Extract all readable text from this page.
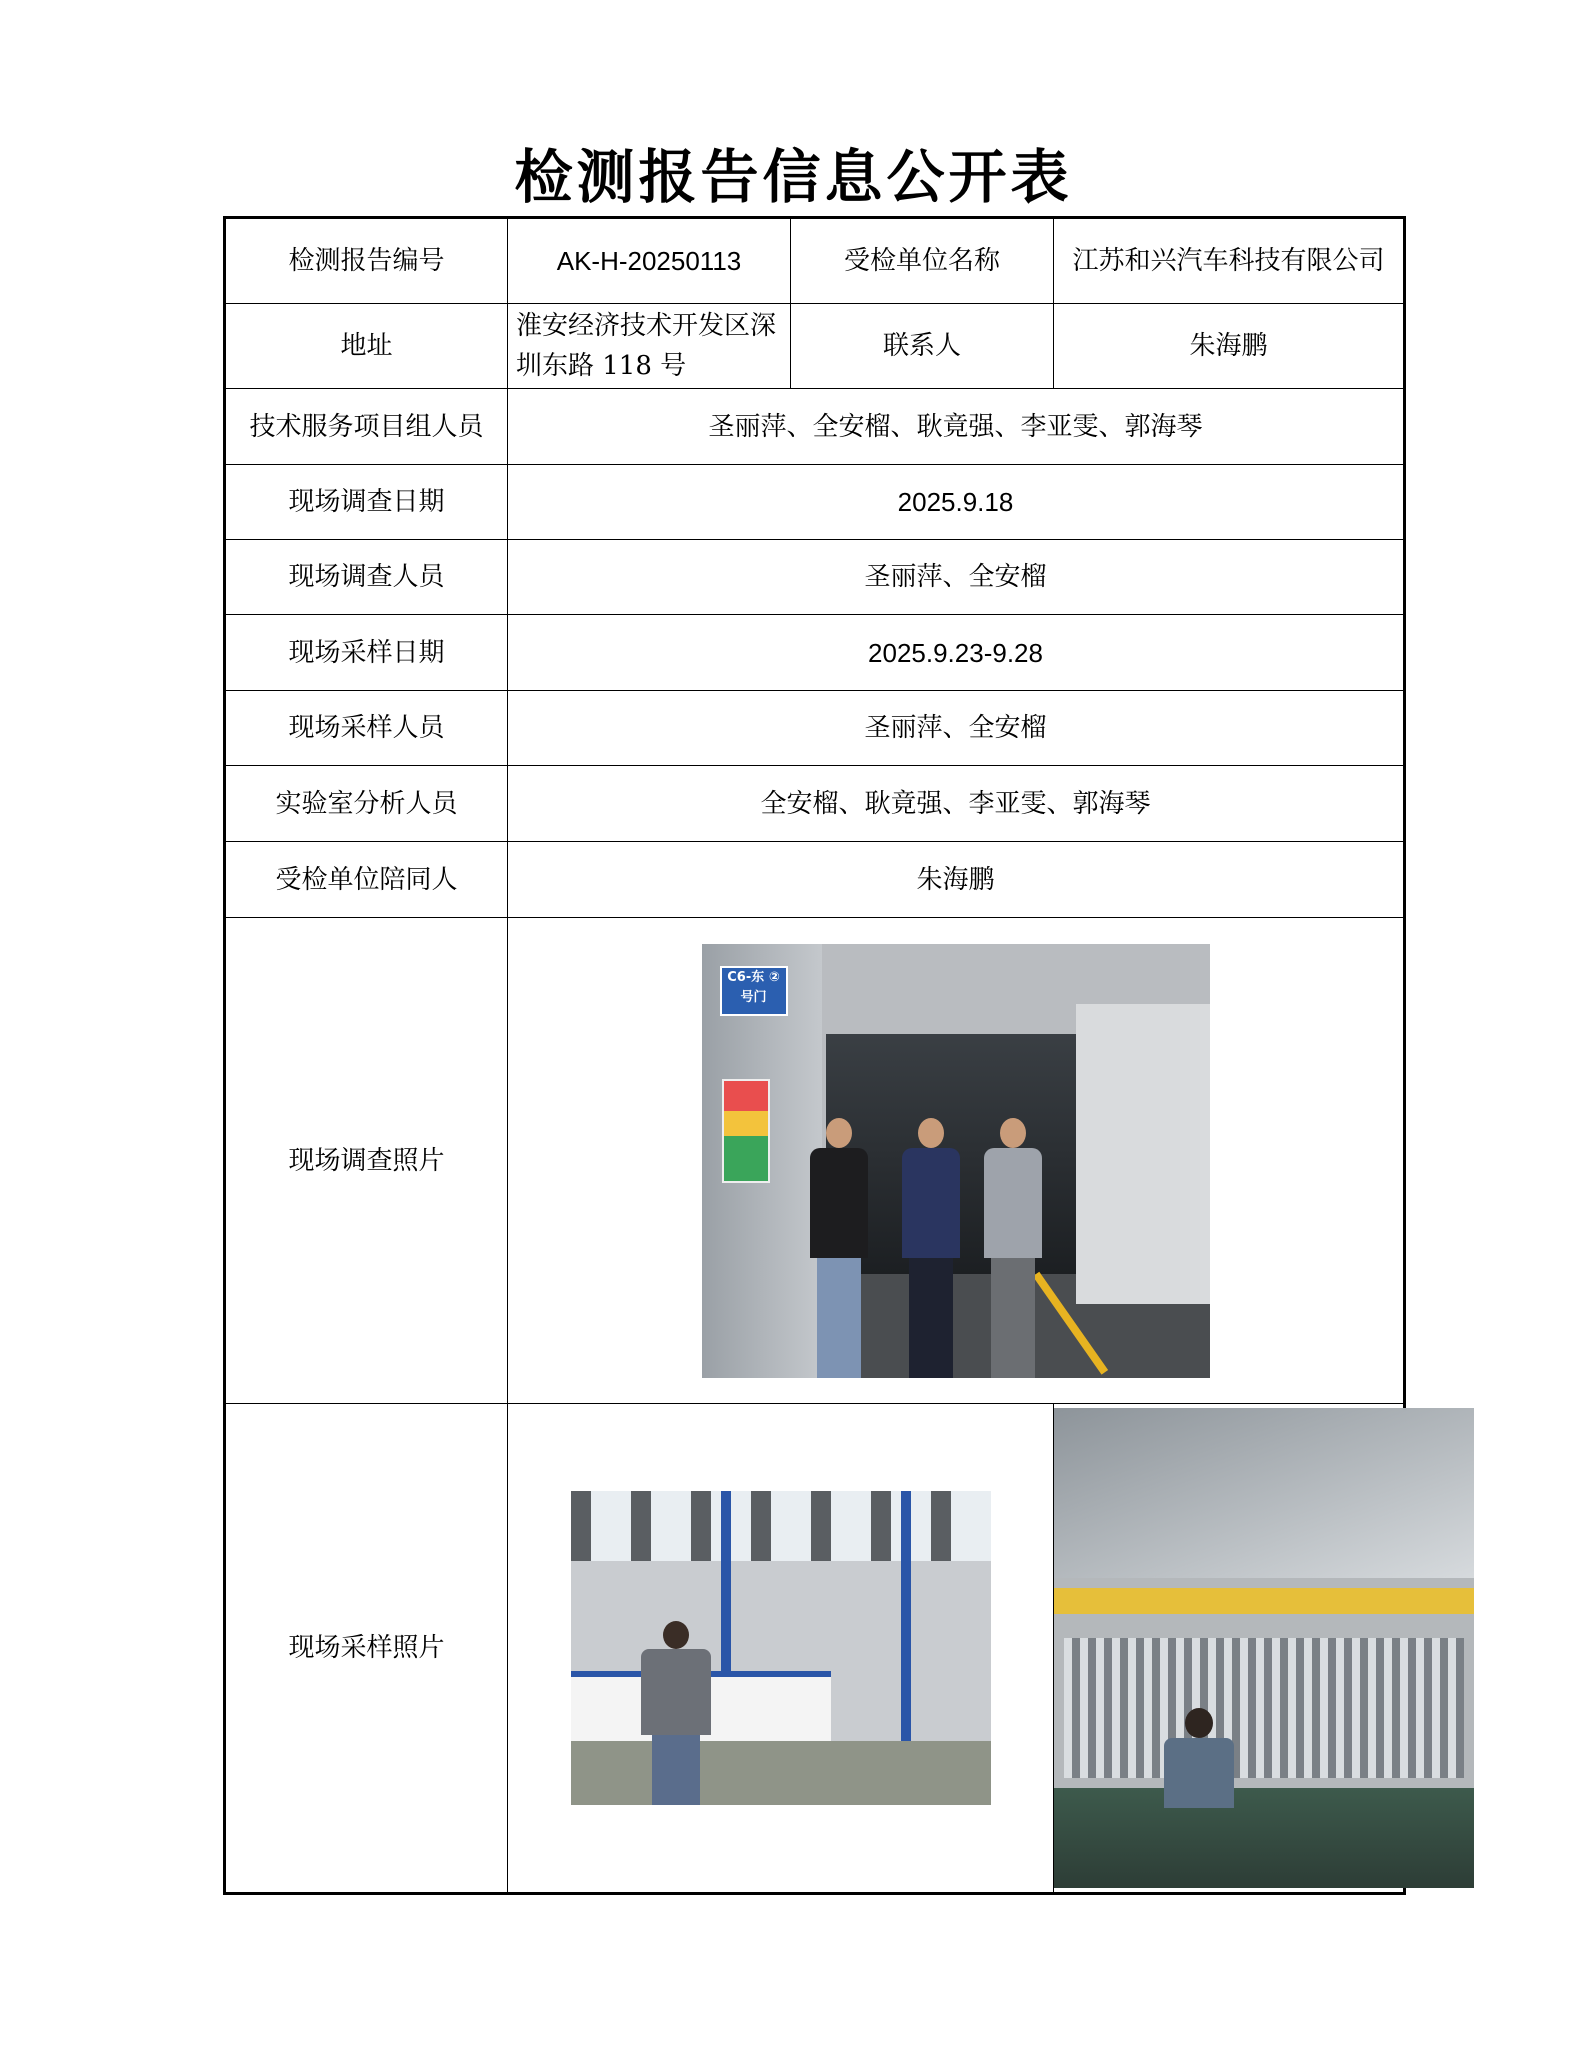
检测报告信息公开表
检测报告编号	AK-H-20250113	受检单位名称	江苏和兴汽车科技有限公司
地址	淮安经济技术开发区深圳东路 118 号	联系人	朱海鹏
技术服务项目组人员	圣丽萍、全安榴、耿竟强、李亚雯、郭海琴		
现场调查日期	2025.9.18		
现场调查人员	圣丽萍、全安榴		
现场采样日期	2025.9.23-9.28		
现场采样人员	圣丽萍、全安榴		
实验室分析人员	全安榴、耿竟强、李亚雯、郭海琴		
受检单位陪同人	朱海鹏		
现场调查照片	C6-东 ②号门		

现场采样照片		
